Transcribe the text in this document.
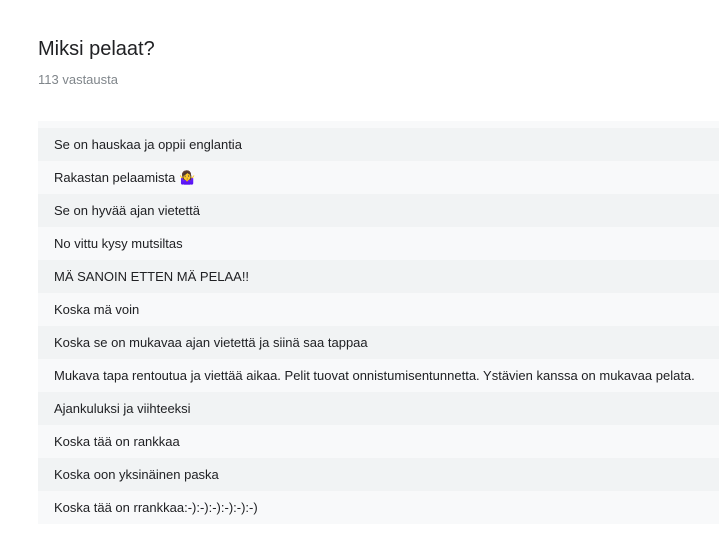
Miksi pelaat?
113 vastausta
Se on hauskaa ja oppii englantia
Rakastan pelaamista 🤷‍♀
Se on hyvää ajan vietettä
No vittu kysy mutsiltas
MÄ SANOIN ETTEN MÄ PELAA!!
Koska mä voin
Koska se on mukavaa ajan vietettä ja siinä saa tappaa
Mukava tapa rentoutua ja viettää aikaa. Pelit tuovat onnistumisentunnetta. Ystävien kanssa on mukavaa pelata.
Ajankuluksi ja viihteeksi
Koska tää on rankkaa
Koska oon yksinäinen paska
Koska tää on rrankkaa:-):-):-):-):-):-)
